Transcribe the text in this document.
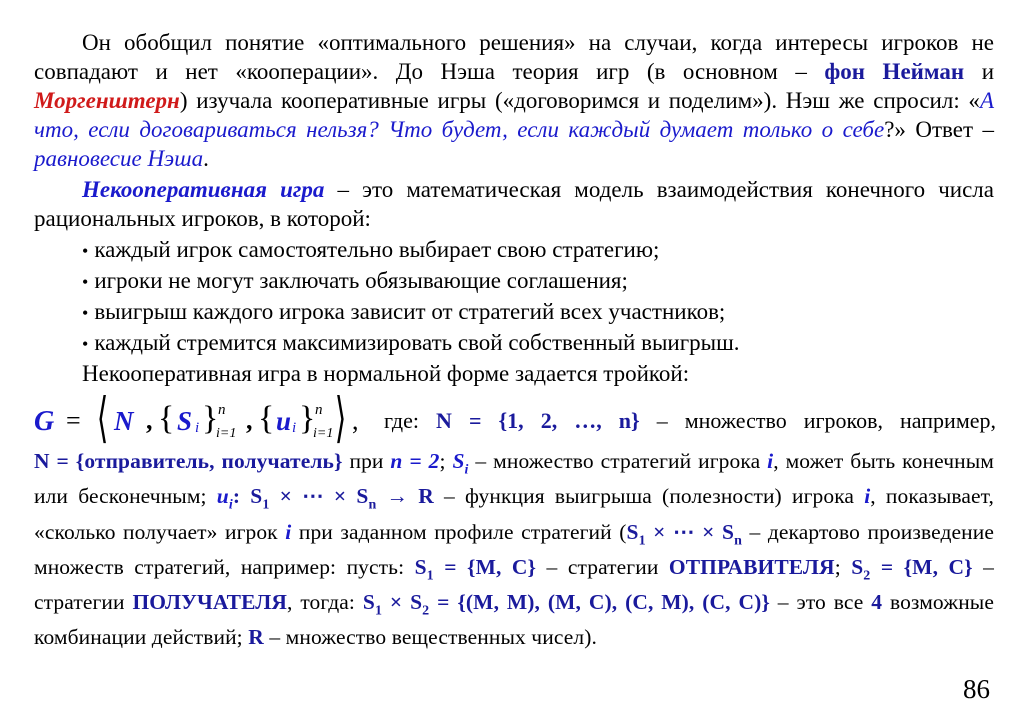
Он обобщил понятие «оптимального решения» на случаи, когда интересы игроков не совпадают и нет «кооперации». До Нэша теория игр (в основном – фон Нейман и Моргенштерн) изучала кооперативные игры («договоримся и поделим»). Нэш же спросил: «А что, если договариваться нельзя? Что будет, если каждый думает только о себе?» Ответ – равновесие Нэша.

Некооперативная игра – это математическая модель взаимодействия конечного числа рациональных игроков, в которой:

• каждый игрок самостоятельно выбирает свою стратегию;
• игроки не могут заключать обязывающие соглашения;
• выигрыш каждого игрока зависит от стратегий всех участников;
• каждый стремится максимизировать свой собственный выигрыш.

Некооперативная игра в нормальной форме задается тройкой:

G = ⟨ N , { S i } n
i=1 , { u i } n
i=1 ⟩ , где: N = {1, 2, …, n} – множество игроков, например,

N = {отправитель, получатель} при n = 2; $S_i$ – множество стратегий игрока i, может быть конечным или бесконечным; $u_i$: $S_1$ × ⋯ × $S_n \to R$ – функция выигрыша (полезности) игрока i, показывает, «сколько получает» игрок i при заданном профиле стратегий ($S_1$ × ⋯ × $S_n$ – декартово произведение множеств стратегий, например: пусть: $S_1 = \{M$, C} – стратегии ОТПРАВИТЕЛЯ; $S_2 = \{M$, C} – стратегии ПОЛУЧАТЕЛЯ, тогда: $S_1 \times S_2 = \{(M$, M), (M, C), (C, M), (C, C)} – это все 4 возможные комбинации действий; R – множество вещественных чисел).

86
